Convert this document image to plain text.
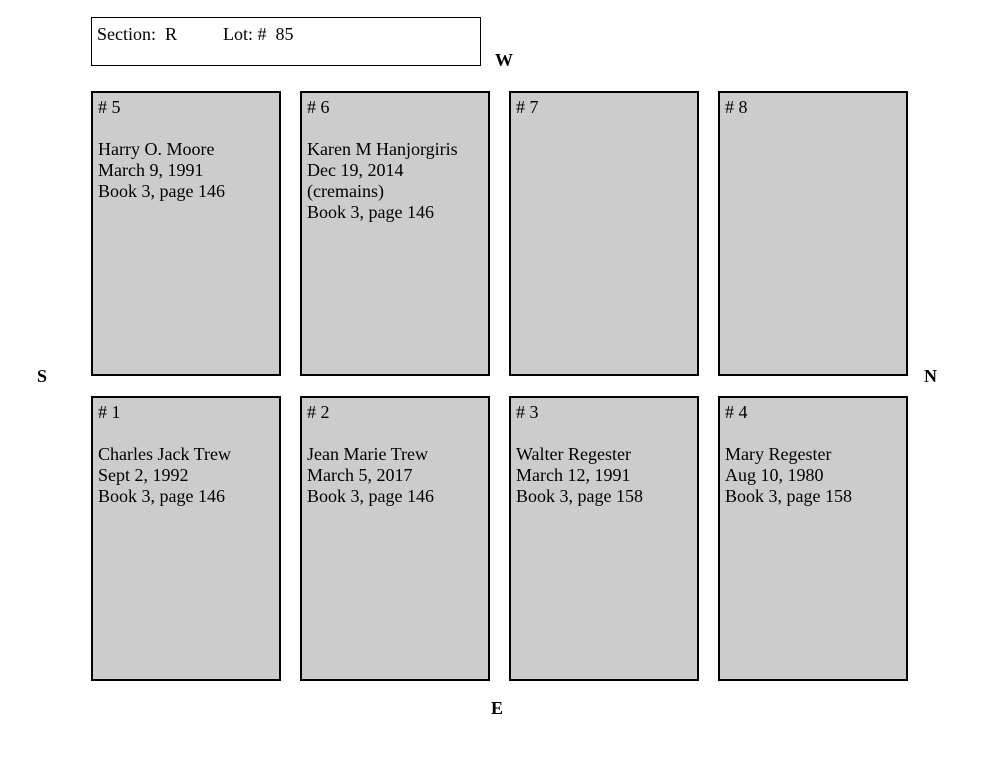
Section: R	Lot: # 85
W
E
S	N
# 5
Harry O. Moore
March 9, 1991
Book 3, page 146
# 6
Karen M Hanjorgiris
Dec 19, 2014
(cremains)
Book 3, page 146
# 7	# 8
# 1
Charles Jack Trew
Sept 2, 1992
Book 3, page 146
# 2
Jean Marie Trew
March 5, 2017
Book 3, page 146
# 3
Walter Regester
March 12, 1991
Book 3, page 158
# 4
Mary Regester
Aug 10, 1980
Book 3, page 158
